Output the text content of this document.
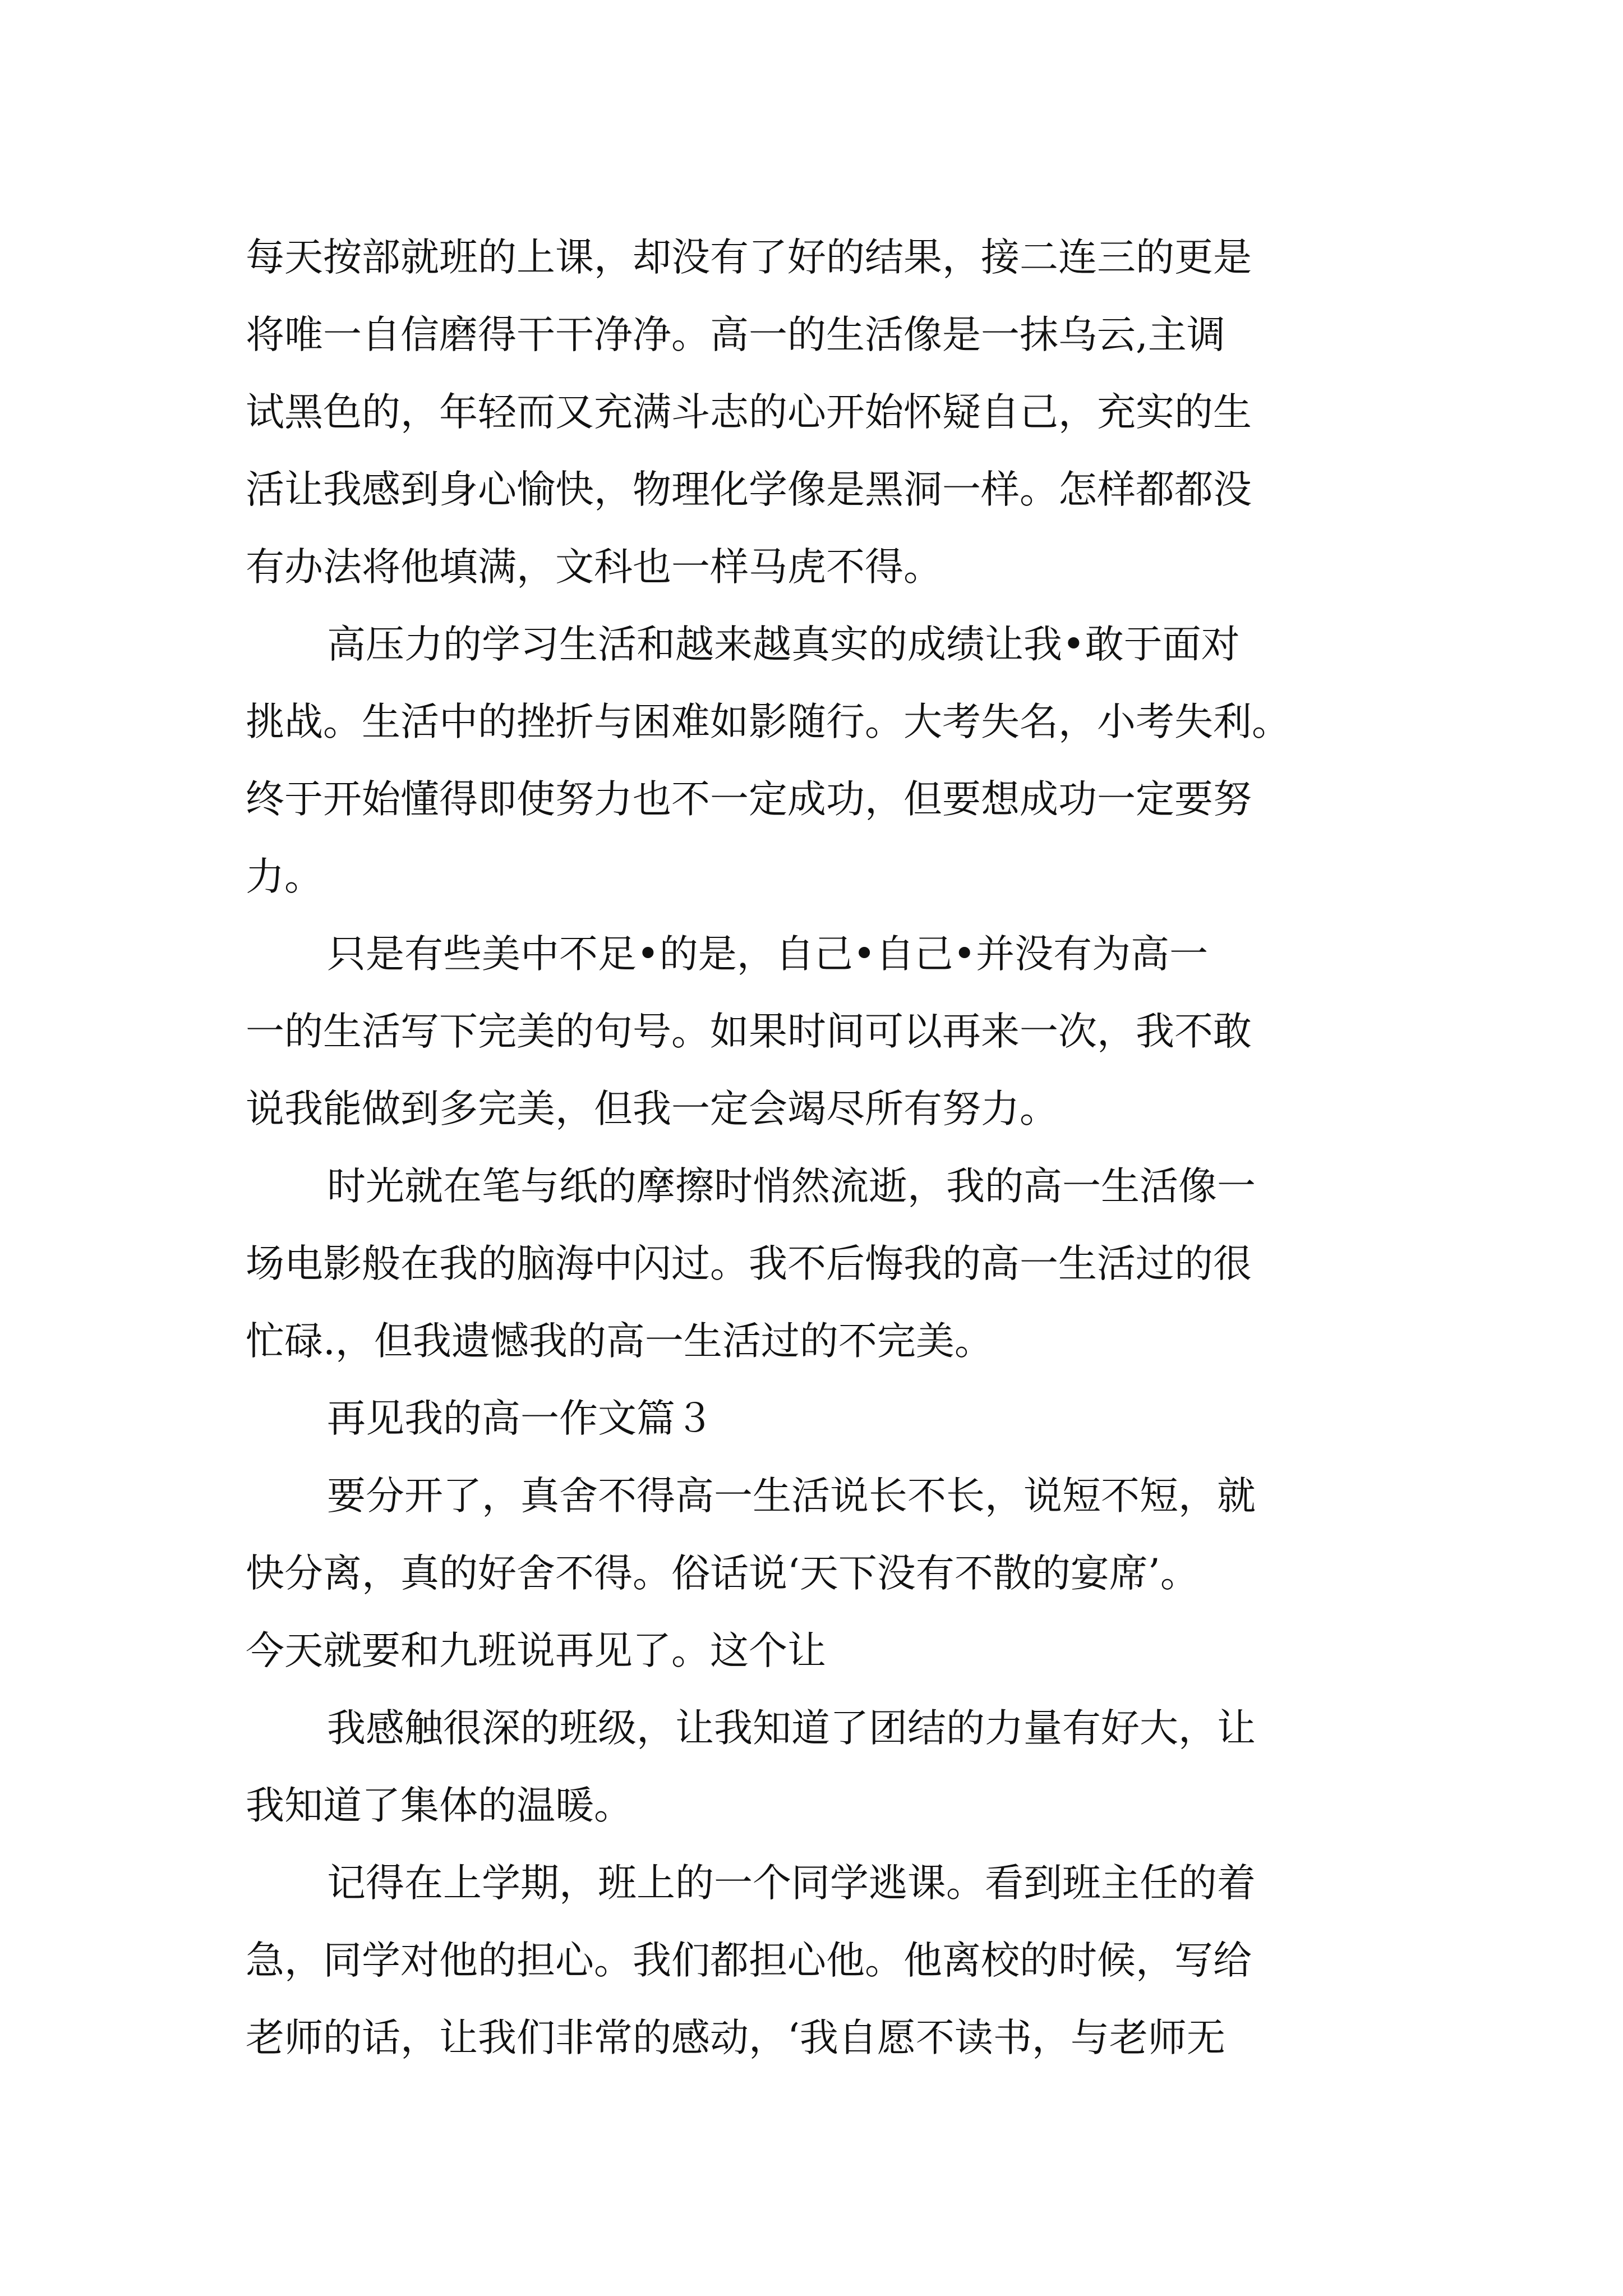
每天按部就班的上课，却没有了好的结果，接二连三的更是
将唯一自信磨得干干净净。高一的生活像是一抹乌云,主调
试黑色的，年轻而又充满斗志的心开始怀疑自己，充实的生
活让我感到身心愉快，物理化学像是黑洞一样。怎样都都没
有办法将他填满，文科也一样马虎不得。
高压力的学习生活和越来越真实的成绩让我•敢于面对
挑战。生活中的挫折与困难如影随行。大考失名，小考失利。
终于开始懂得即使努力也不一定成功，但要想成功一定要努
力。
只是有些美中不足•的是，自己•自己•并没有为高一
一的生活写下完美的句号。如果时间可以再来一次，我不敢
说我能做到多完美，但我一定会竭尽所有努力。
时光就在笔与纸的摩擦时悄然流逝，我的高一生活像一
场电影般在我的脑海中闪过。我不后悔我的高一生活过的很
忙碌.，但我遗憾我的高一生活过的不完美。
再见我的高一作文篇３
要分开了，真舍不得高一生活说长不长，说短不短，就
快分离，真的好舍不得。俗话说‘天下没有不散的宴席’。
今天就要和九班说再见了。这个让
我感触很深的班级，让我知道了团结的力量有好大，让
我知道了集体的温暖。
记得在上学期，班上的一个同学逃课。看到班主任的着
急，同学对他的担心。我们都担心他。他离校的时候，写给
老师的话，让我们非常的感动，‘我自愿不读书，与老师无
